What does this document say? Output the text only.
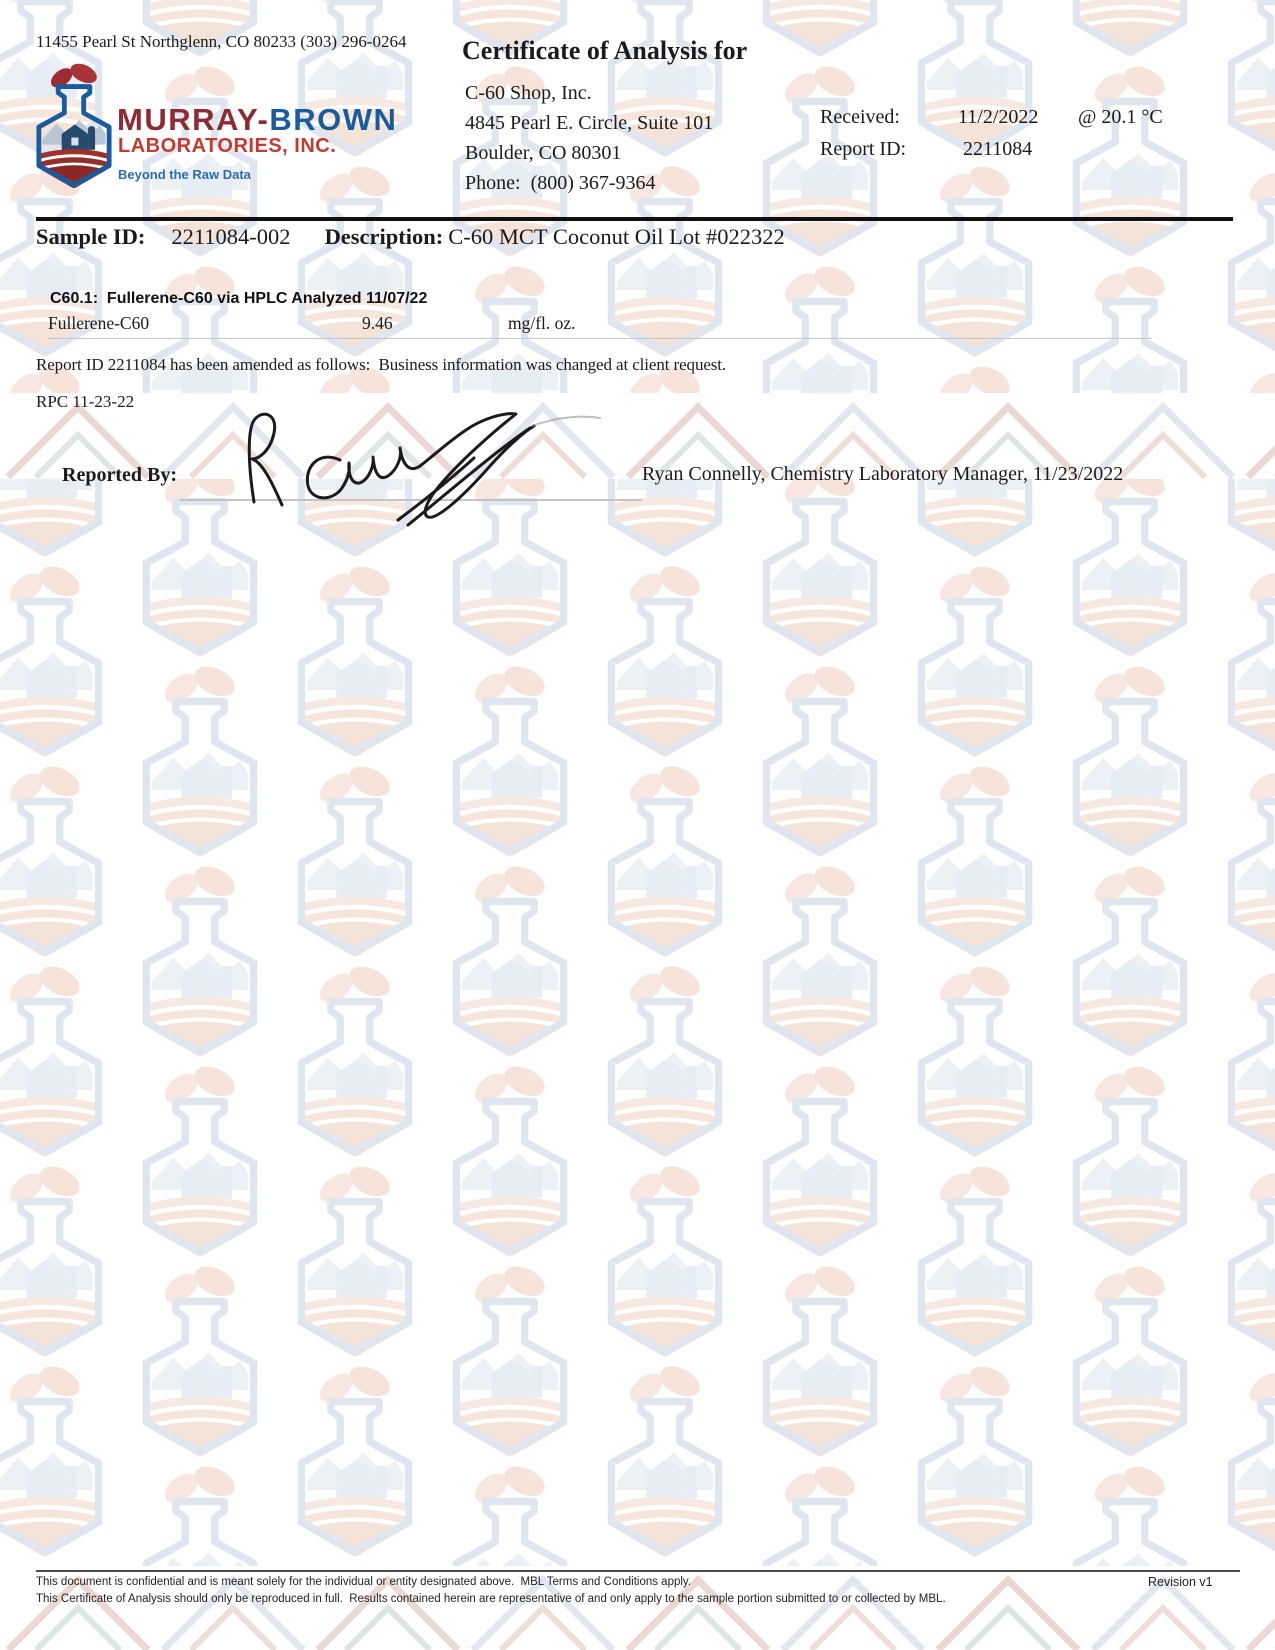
11455 Pearl St Northglenn, CO 80233 (303) 296-0264
MURRAY-BROWN
LABORATORIES, INC.
Beyond the Raw Data
Certificate of Analysis for
C-60 Shop, Inc.
4845 Pearl E. Circle, Suite 101
Boulder, CO 80301
Phone: (800) 367-9364
Received:	11/2/2022 @ 20.1 °C
Report ID:	2211084
Sample ID: 2211084-002 Description: C-60 MCT Coconut Oil Lot #022322
C60.1:  Fullerene-C60 via HPLC Analyzed 11/07/22
Fullerene-C60	9.46	mg/fl. oz.
Report ID 2211084 has been amended as follows:  Business information was changed at client request.
RPC 11-23-22
Reported By:	Ryan Connelly, Chemistry Laboratory Manager, 11/23/2022
This document is confidential and is meant solely for the individual or entity designated above.  MBL Terms and Conditions apply.
This Certificate of Analysis should only be reproduced in full.  Results contained herein are representative of and only apply to the sample portion submitted to or collected by MBL.
Revision v1
